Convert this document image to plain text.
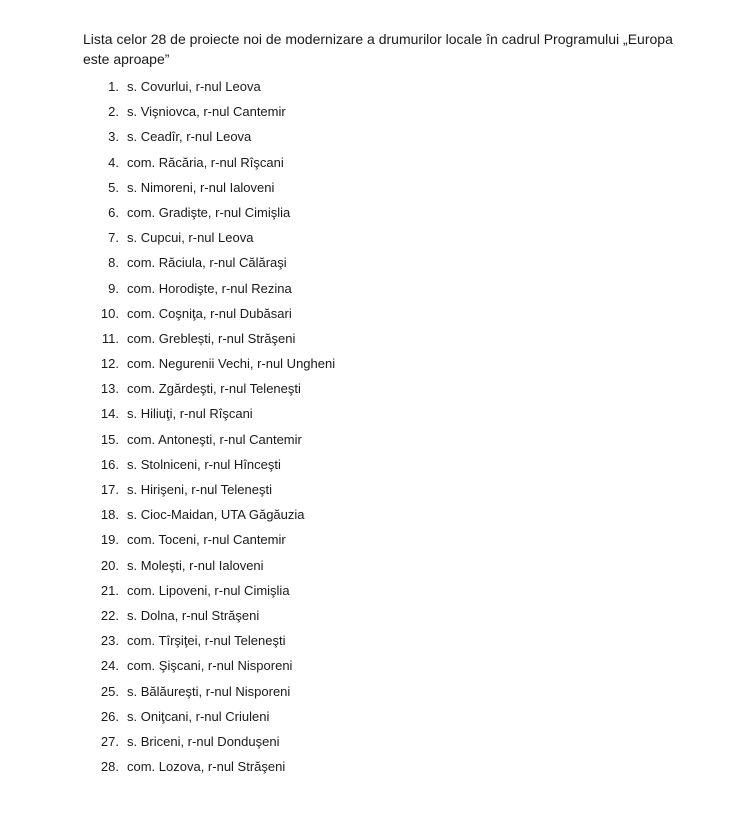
Lista celor 28 de proiecte noi de modernizare a drumurilor locale în cadrul Programului „Europa este aproape”

1. s. Covurlui, r-nul Leova
2. s. Vişniovca, r-nul Cantemir
3. s. Ceadîr, r-nul Leova
4. com. Răcăria, r-nul Rîşcani
5. s. Nimoreni, r-nul Ialoveni
6. com. Gradişte, r-nul Cimişlia
7. s. Cupcui, r-nul Leova
8. com. Răciula, r-nul Călăraşi
9. com. Horodişte, r-nul Rezina
10. com. Coşniţa, r-nul Dubăsari
11. com. Greblești, r-nul Străşeni
12. com. Negurenii Vechi, r-nul Ungheni
13. com. Zgărdeşti, r-nul Teleneşti
14. s. Hiliuţi, r-nul Rîşcani
15. com. Antoneşti, r-nul Cantemir
16. s. Stolniceni, r-nul Hînceşti
17. s. Hirişeni, r-nul Teleneşti
18. s. Cioc-Maidan, UTA Găgăuzia
19. com. Toceni, r-nul Cantemir
20. s. Moleşti, r-nul Ialoveni
21. com. Lipoveni, r-nul Cimişlia
22. s. Dolna, r-nul Străşeni
23. com. Tîrşiţei, r-nul Teleneşti
24. com. Şişcani, r-nul Nisporeni
25. s. Bălăureşti, r-nul Nisporeni
26. s. Oniţcani, r-nul Criuleni
27. s. Briceni, r-nul Donduşeni
28. com. Lozova, r-nul Străşeni
